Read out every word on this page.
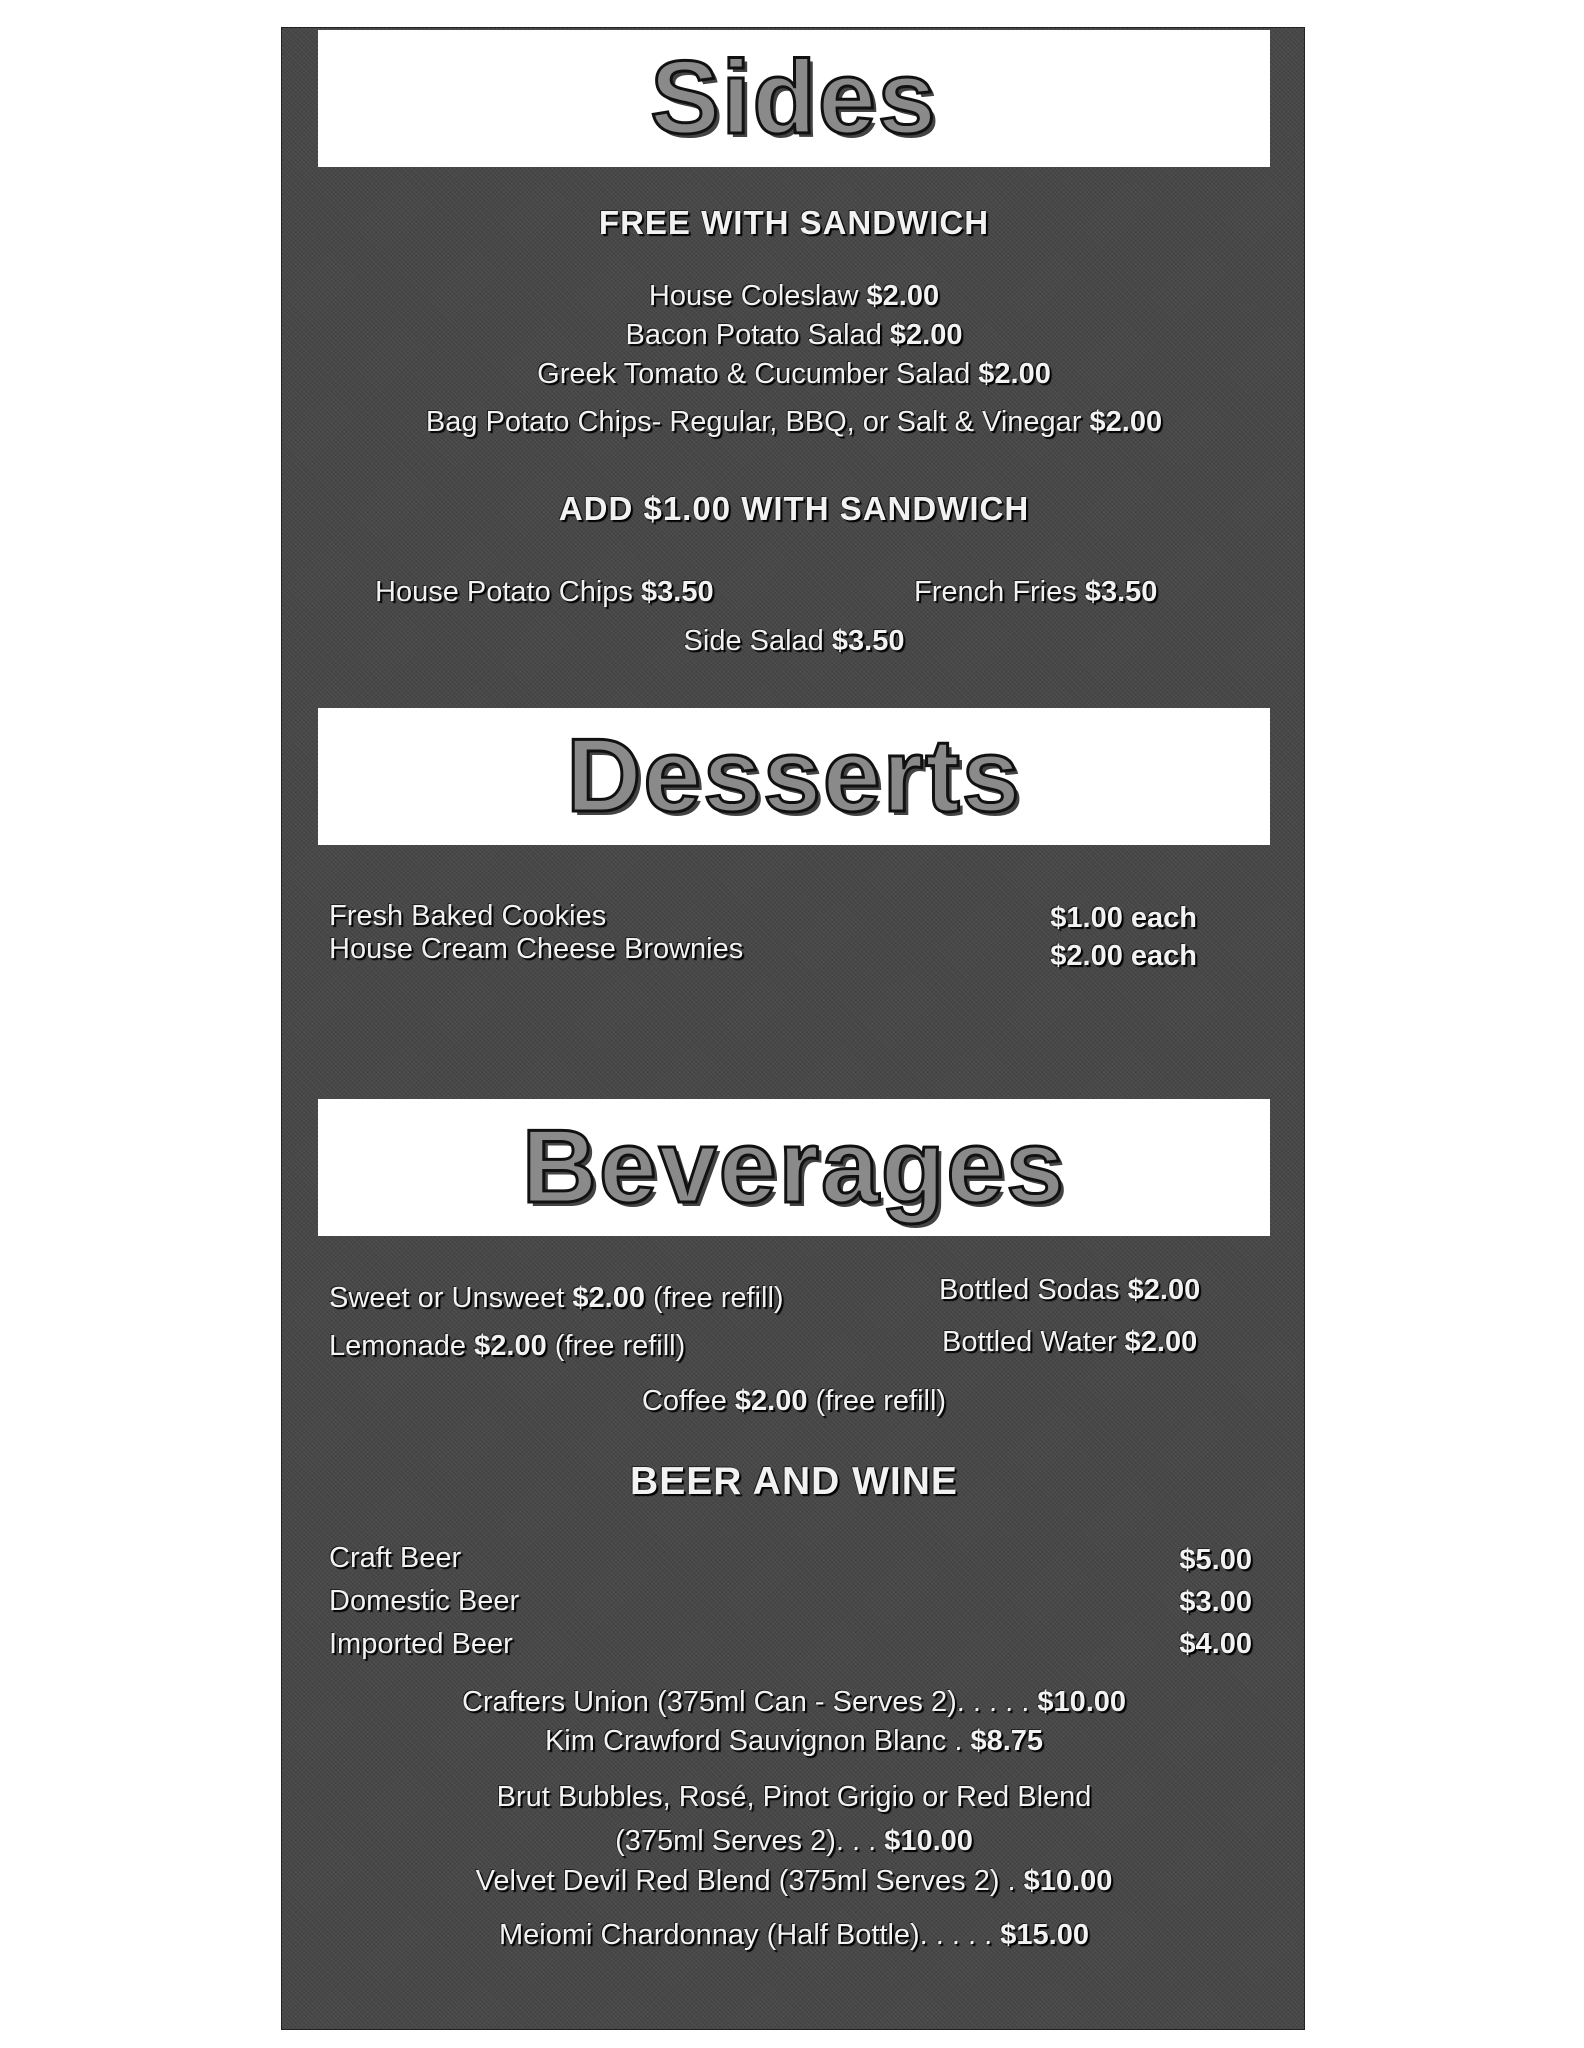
Sides
FREE WITH SANDWICH
House Coleslaw $2.00
Bacon Potato Salad $2.00
Greek Tomato & Cucumber Salad $2.00
Bag Potato Chips- Regular, BBQ, or Salt & Vinegar $2.00
ADD $1.00 WITH SANDWICH
House Potato Chips $3.50	French Fries $3.50
Side Salad $3.50
Desserts
Fresh Baked Cookies	$1.00 each
House Cream Cheese Brownies	$2.00 each
Beverages
Sweet or Unsweet $2.00 (free refill)	Bottled Sodas $2.00
Lemonade $2.00 (free refill)	Bottled Water $2.00
Coffee $2.00 (free refill)
BEER AND WINE
Craft Beer	$5.00
Domestic Beer	$3.00
Imported Beer	$4.00
Crafters Union (375ml Can - Serves 2). . . . . $10.00
Kim Crawford Sauvignon Blanc . $8.75
Brut Bubbles, Rosé, Pinot Grigio or Red Blend
(375ml Serves 2). . . $10.00
Velvet Devil Red Blend (375ml Serves 2) . $10.00
Meiomi Chardonnay (Half Bottle). . . . . $15.00
